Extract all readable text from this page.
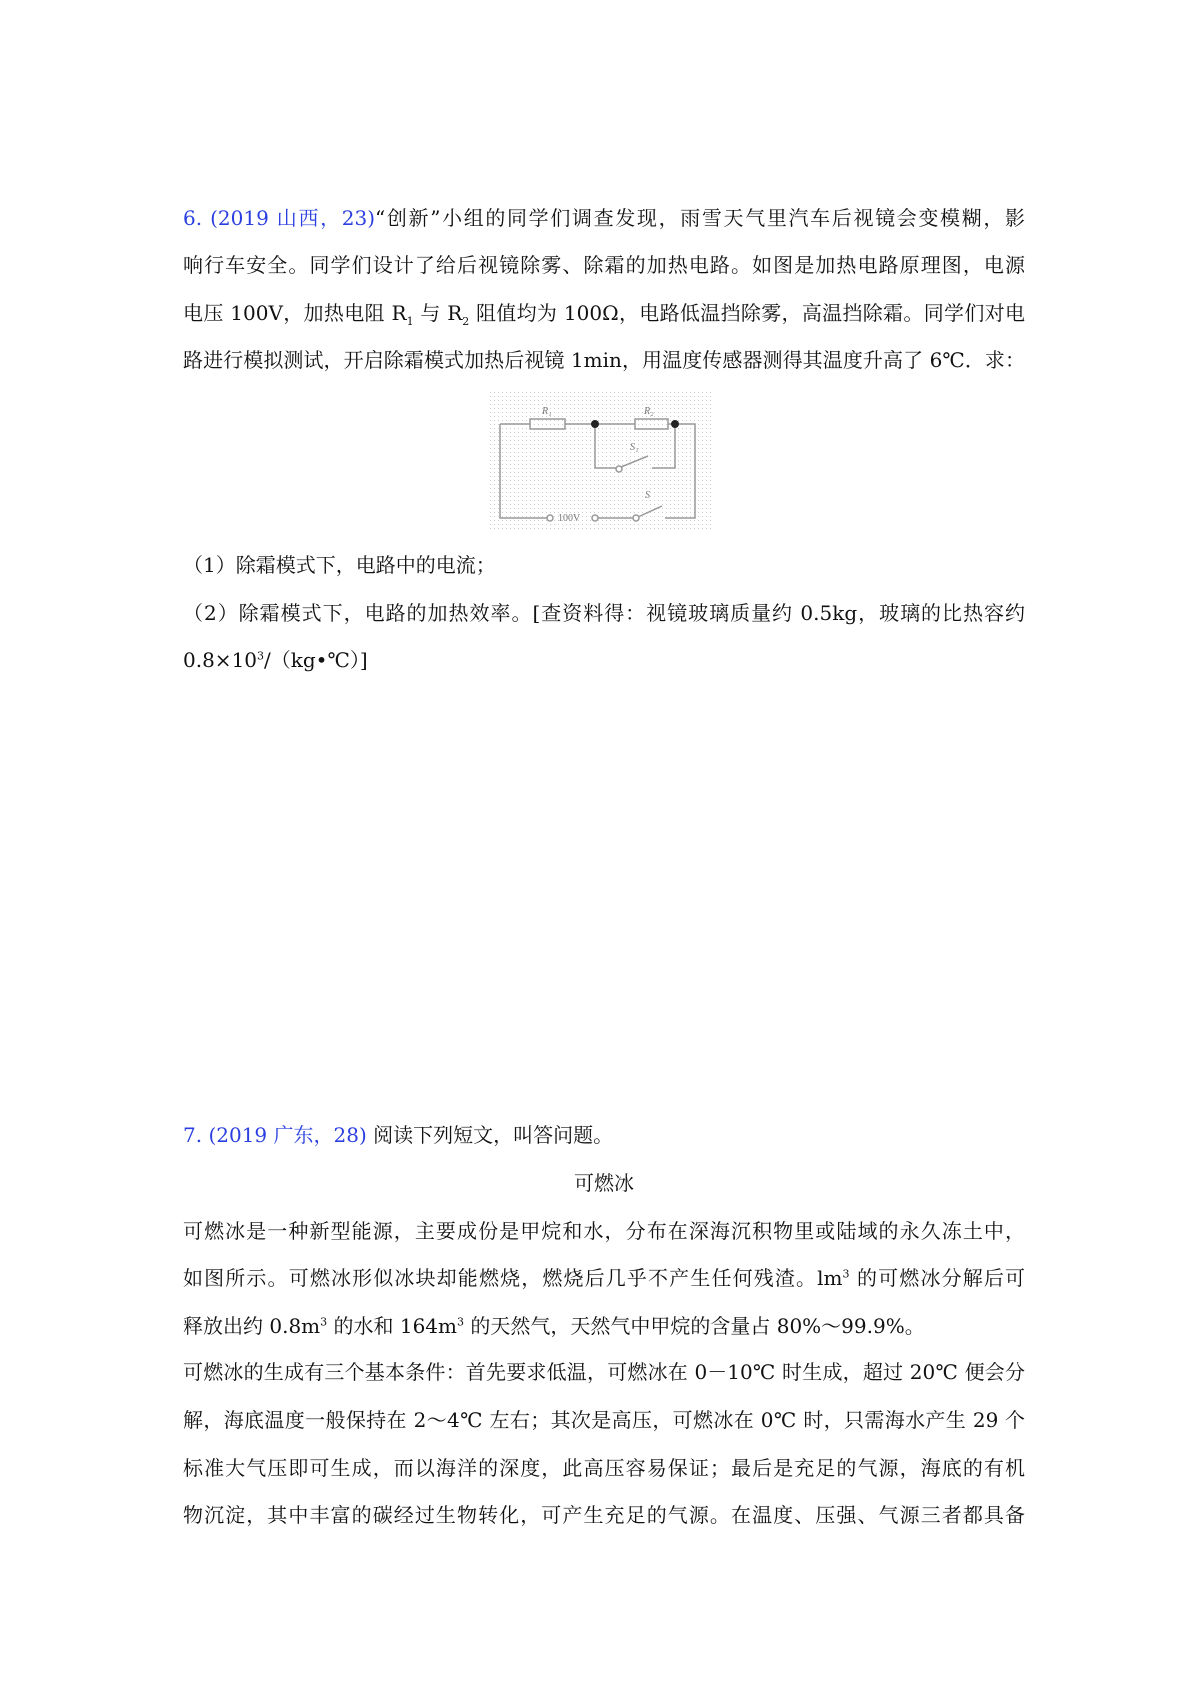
6. (2019 山西，23)“创新”小组的同学们调查发现，雨雪天气里汽车后视镜会变模糊，影
响行车安全。同学们设计了给后视镜除雾、除霜的加热电路。如图是加热电路原理图，电源
电压 100V，加热电阻 $R_1$ 与 $R_2$ 阻值均为 100Ω，电路低温挡除雾，高温挡除霜。同学们对电
路进行模拟测试，开启除霜模式加热后视镜 1min，用温度传感器测得其温度升高了 6℃．求：
R₁	R₂
S₁
S
100V
（1）除霜模式下，电路中的电流；
（2）除霜模式下，电路的加热效率。[查资料得：视镜玻璃质量约 0.5kg，玻璃的比热容约
$0.8\times 10^3/(kg•℃)$]
7. (2019 广东，28) 阅读下列短文，叫答问题。
可燃冰
可燃冰是一种新型能源，主要成份是甲烷和水，分布在深海沉积物里或陆域的永久冻土中，
如图所示。可燃冰形似冰块却能燃烧，燃烧后几乎不产生任何残渣。$lm^3$ 的可燃冰分解后可
释放出约 $0.8m^3$ 的水和 $164m^3$ 的天然气，天然气中甲烷的含量占 80%～99.9%。
可燃冰的生成有三个基本条件：首先要求低温，可燃冰在 0－10℃ 时生成，超过 20℃ 便会分
解，海底温度一般保持在 2～4℃ 左右；其次是高压，可燃冰在 0℃ 时，只需海水产生 29 个
标准大气压即可生成，而以海洋的深度，此高压容易保证；最后是充足的气源，海底的有机
物沉淀，其中丰富的碳经过生物转化，可产生充足的气源。在温度、压强、气源三者都具备
